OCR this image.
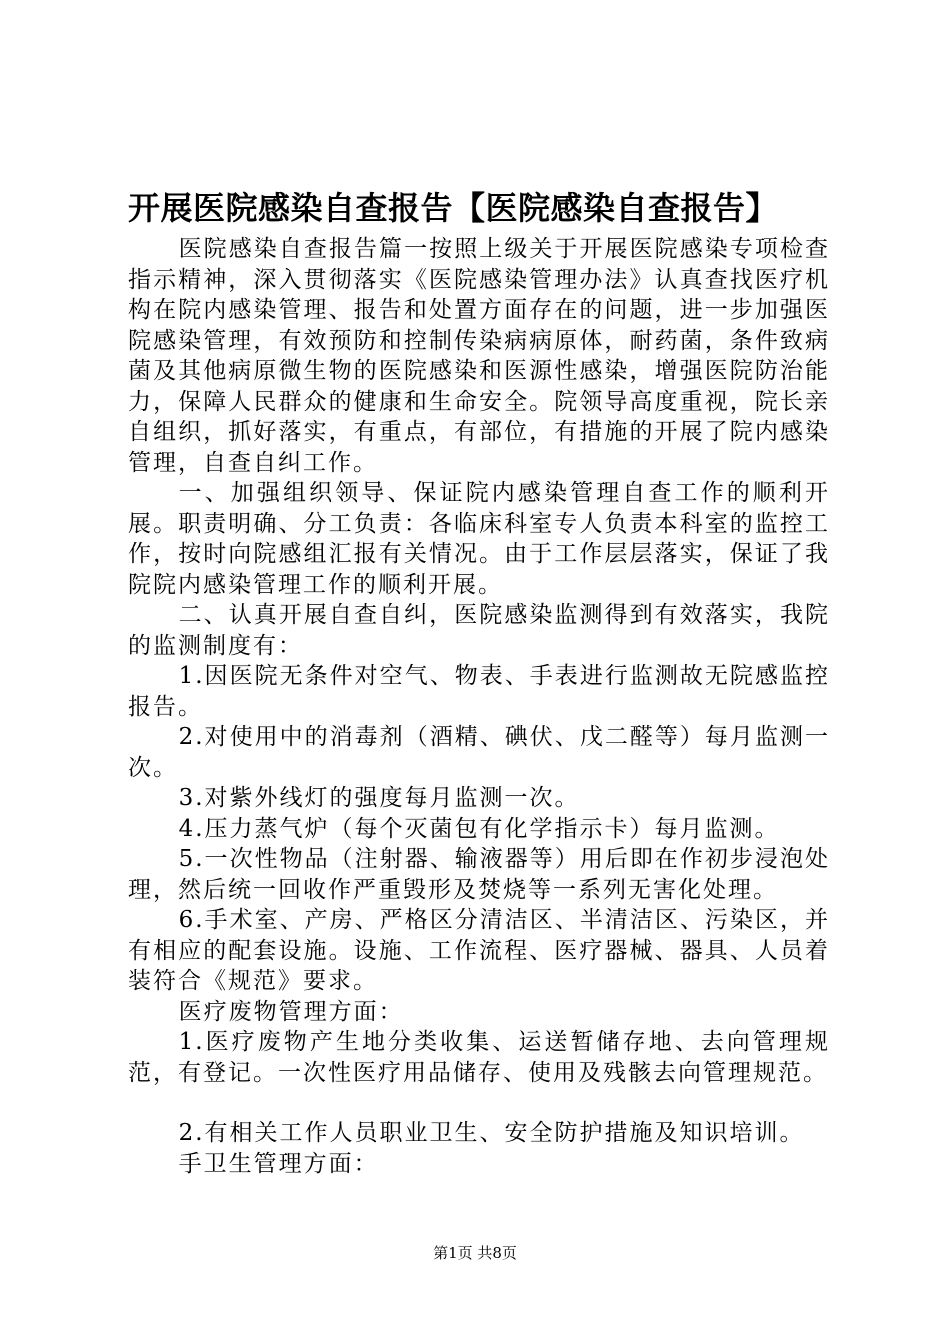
开展医院感染自查报告【医院感染自查报告】

医院感染自查报告篇一按照上级关于开展医院感染专项检查指示精神，深入贯彻落实《医院感染管理办法》认真查找医疗机构在院内感染管理、报告和处置方面存在的问题，进一步加强医院感染管理，有效预防和控制传染病病原体，耐药菌，条件致病菌及其他病原微生物的医院感染和医源性感染，增强医院防治能力，保障人民群众的健康和生命安全。院领导高度重视，院长亲自组织，抓好落实，有重点，有部位，有措施的开展了院内感染管理，自查自纠工作。

一、加强组织领导、保证院内感染管理自查工作的顺利开展。职责明确、分工负责：各临床科室专人负责本科室的监控工作，按时向院感组汇报有关情况。由于工作层层落实，保证了我院院内感染管理工作的顺利开展。

二、认真开展自查自纠，医院感染监测得到有效落实，我院的监测制度有：

1.因医院无条件对空气、物表、手表进行监测故无院感监控报告。

2.对使用中的消毒剂（酒精、碘伏、戊二醛等）每月监测一次。

3.对紫外线灯的强度每月监测一次。

4.压力蒸气炉（每个灭菌包有化学指示卡）每月监测。

5.一次性物品（注射器、输液器等）用后即在作初步浸泡处理，然后统一回收作严重毁形及焚烧等一系列无害化处理。

6.手术室、产房、严格区分清洁区、半清洁区、污染区，并有相应的配套设施。设施、工作流程、医疗器械、器具、人员着装符合《规范》要求。

医疗废物管理方面：

1.医疗废物产生地分类收集、运送暂储存地、去向管理规范，有登记。一次性医疗用品储存、使用及残骸去向管理规范。

2.有相关工作人员职业卫生、安全防护措施及知识培训。

手卫生管理方面：

第1页 共8页
